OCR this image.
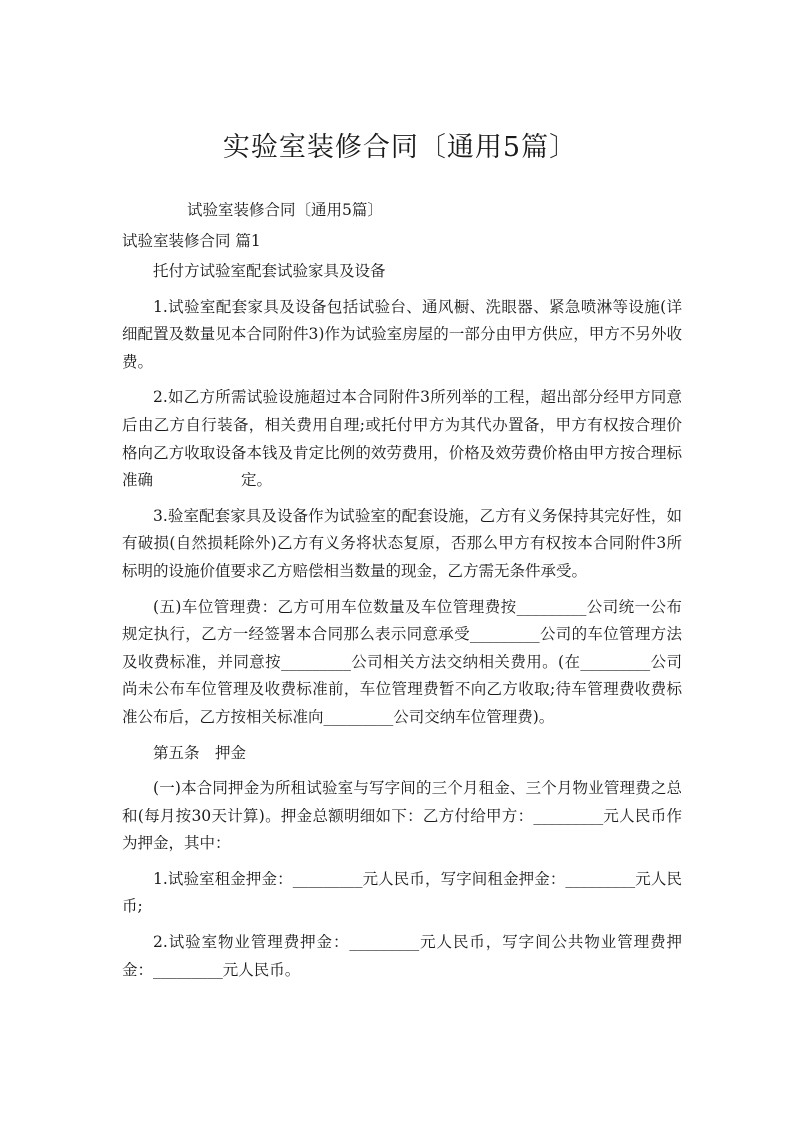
实验室装修合同〔通用5篇〕

试验室装修合同〔通用5篇〕

试验室装修合同 篇1

托付方试验室配套试验家具及设备

1.试验室配套家具及设备包括试验台、通风橱、洗眼器、紧急喷淋等设施(详细配置及数量见本合同附件3)作为试验室房屋的一部分由甲方供应，甲方不另外收费。

2.如乙方所需试验设施超过本合同附件3所列举的工程，超出部分经甲方同意后由乙方自行装备，相关费用自理;或托付甲方为其代办置备，甲方有权按合理价格向乙方收取设备本钱及肯定比例的效劳费用，价格及效劳费价格由甲方按合理标准确	定。

3.验室配套家具及设备作为试验室的配套设施，乙方有义务保持其完好性，如有破损(自然损耗除外)乙方有义务将状态复原，否那么甲方有权按本合同附件3所标明的设施价值要求乙方赔偿相当数量的现金，乙方需无条件承受。

(五)车位管理费：乙方可用车位数量及车位管理费按_________公司统一公布规定执行，乙方一经签署本合同那么表示同意承受_________公司的车位管理方法及收费标准，并同意按_________公司相关方法交纳相关费用。(在_________公司尚未公布车位管理及收费标准前，车位管理费暂不向乙方收取;待车管理费收费标准公布后，乙方按相关标准向_________公司交纳车位管理费)。

第五条　押金

(一)本合同押金为所租试验室与写字间的三个月租金、三个月物业管理费之总和(每月按30天计算)。押金总额明细如下：乙方付给甲方：_________元人民币作为押金，其中：

1.试验室租金押金：_________元人民币，写字间租金押金：_________元人民币;

2.试验室物业管理费押金：_________元人民币，写字间公共物业管理费押金：_________元人民币。
